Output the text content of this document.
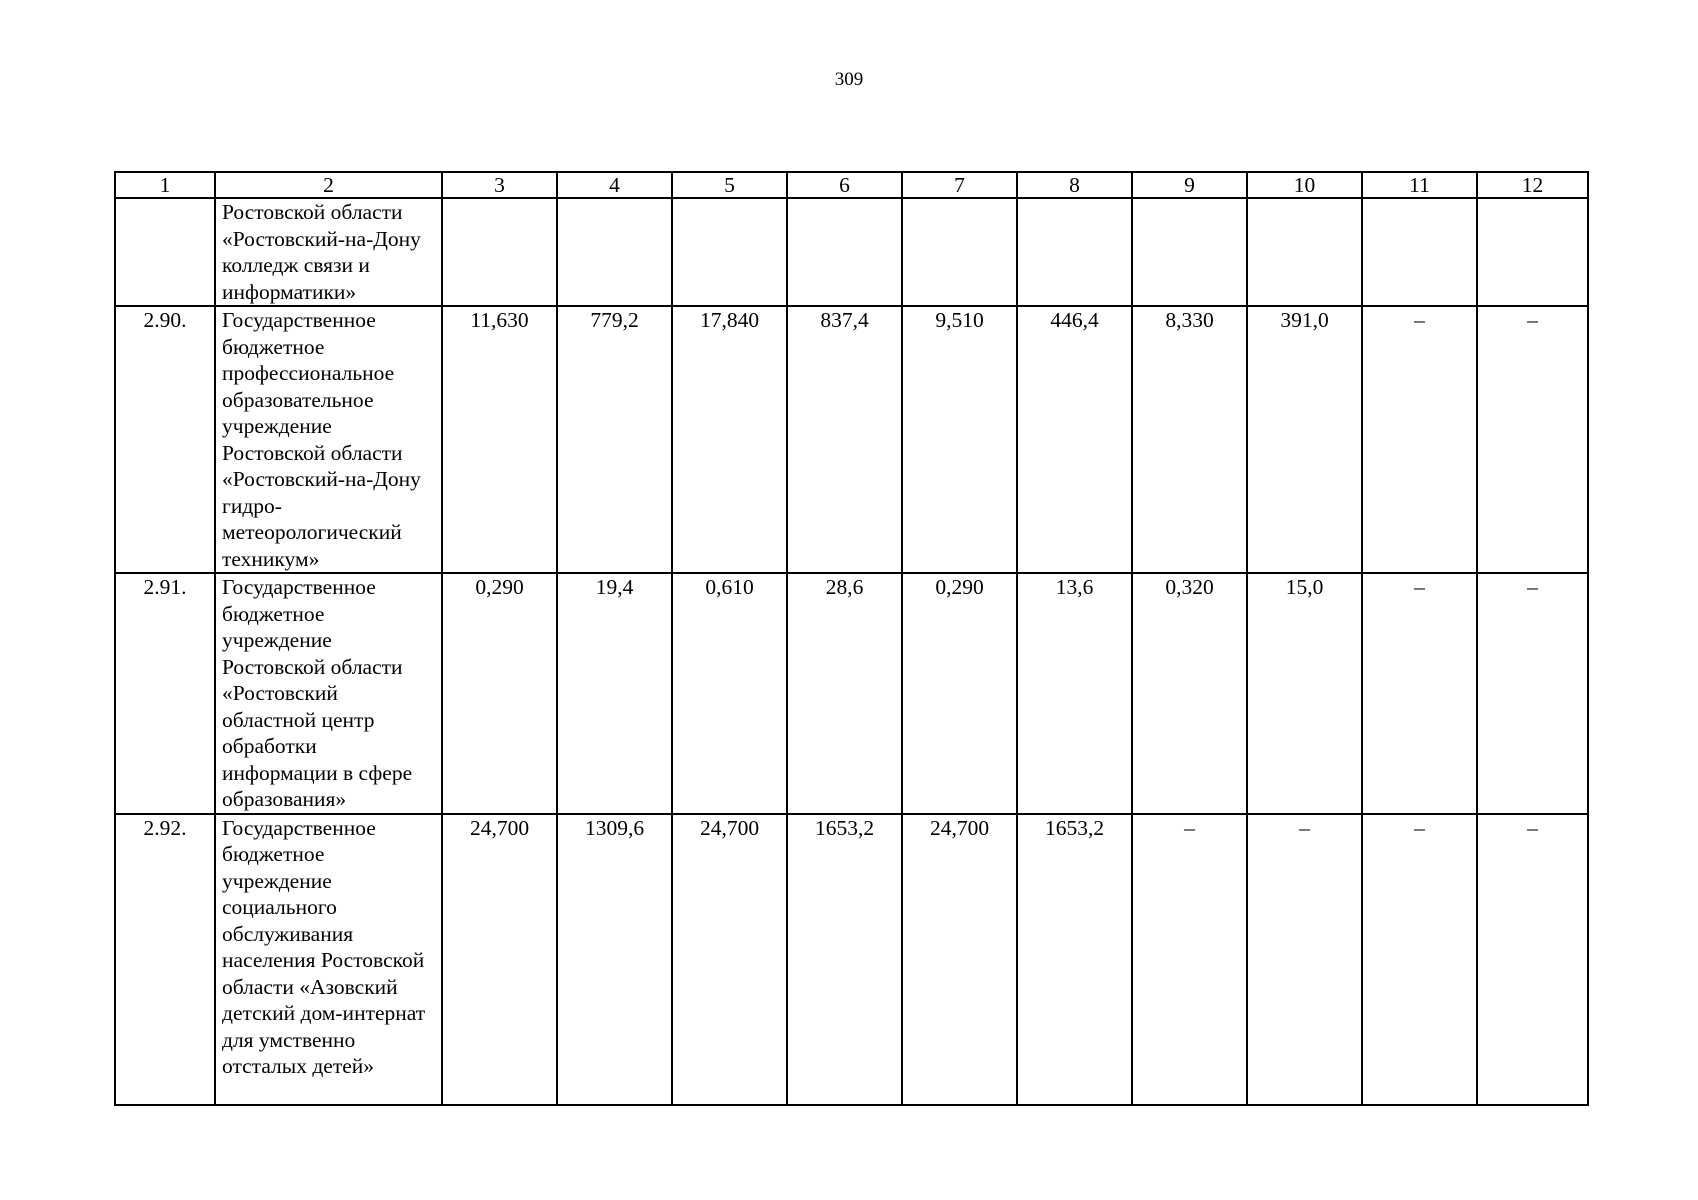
309
1	2	3	4	5	6	7	8	9	10	11	12
	Ростовской области «Ростовский-на-Дону колледж связи и информатики»										
2.90.	Государственное бюджетное профессиональное образовательное учреждение Ростовской области «Ростовский-на-Дону гидро-метеорологический техникум»	11,630	779,2	17,840	837,4	9,510	446,4	8,330	391,0	–	–
2.91.	Государственное бюджетное учреждение Ростовской области «Ростовский областной центр обработки информации в сфере образования»	0,290	19,4	0,610	28,6	0,290	13,6	0,320	15,0	–	–
2.92.	Государственное бюджетное учреждение социального обслуживания населения Ростовской области «Азовский детский дом-интернат для умственно отсталых детей»	24,700	1309,6	24,700	1653,2	24,700	1653,2	–	–	–	–
